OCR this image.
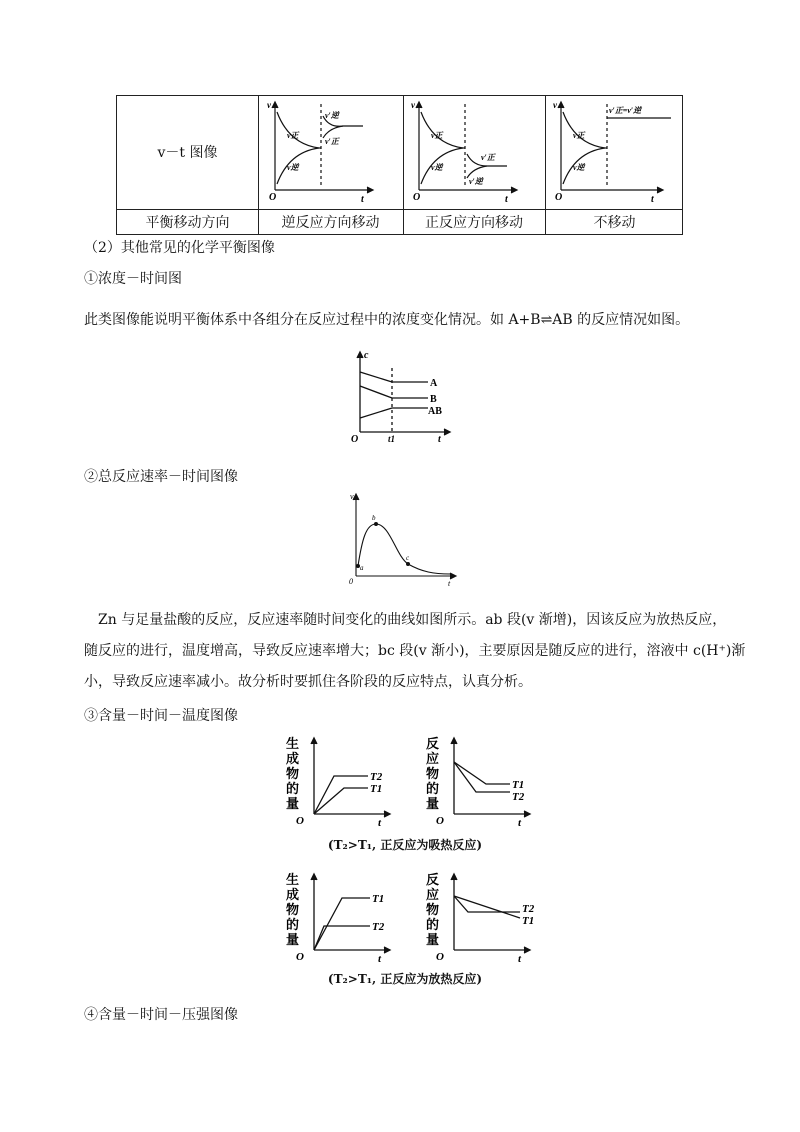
v－t 图像
平衡移动方向	逆反应方向移动	正反应方向移动	不移动
v
O	t
v正
v逆
v′逆
v′正
v
O	t
v正
v逆
v′正
v′逆
v
O	t
v正
v逆
v′正=v′逆
（2）其他常见的化学平衡图像
①浓度－时间图
此类图像能说明平衡体系中各组分在反应过程中的浓度变化情况。如 A+B⇌AB 的反应情况如图。
c
O	t
t1
A
B
AB
②总反应速率－时间图像
v
0	t
a
b
c
Zn 与足量盐酸的反应，反应速率随时间变化的曲线如图所示。ab 段(v 渐增)，因该反应为放热反应，
随反应的进行，温度增高，导致反应速率增大；bc 段(v 渐小)，主要原因是随反应的进行，溶液中 c(H⁺)渐
小，导致反应速率减小。故分析时要抓住各阶段的反应特点，认真分析。
③含量－时间－温度图像
生
成
物
的
量
O	t
T2
T1
反
应
物
的
量
O	t
T1
T2
(T₂>T₁, 正反应为吸热反应)
生
成
物
的
量
O	t
T1
T2
反
应
物
的
量
O	t
T2
T1
(T₂>T₁, 正反应为放热反应)
④含量－时间－压强图像
